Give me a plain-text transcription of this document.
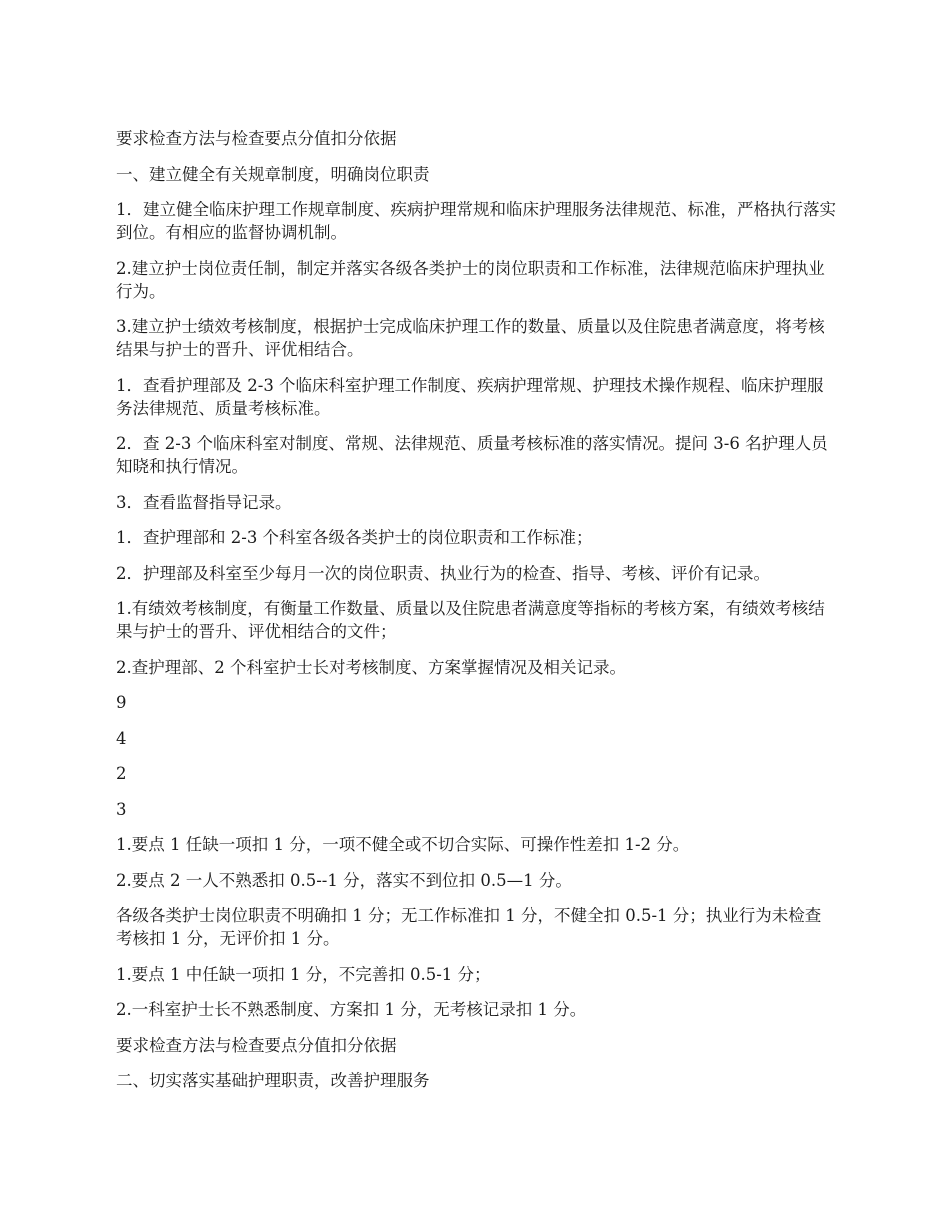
要求检查方法与检查要点分值扣分依据

一、建立健全有关规章制度，明确岗位职责

1．建立健全临床护理工作规章制度、疾病护理常规和临床护理服务法律规范、标准，严格执行落实到位。有相应的监督协调机制。

2.建立护士岗位责任制，制定并落实各级各类护士的岗位职责和工作标准，法律规范临床护理执业行为。

3.建立护士绩效考核制度，根据护士完成临床护理工作的数量、质量以及住院患者满意度，将考核结果与护士的晋升、评优相结合。

1．查看护理部及 2-3 个临床科室护理工作制度、疾病护理常规、护理技术操作规程、临床护理服务法律规范、质量考核标准。

2．查 2-3 个临床科室对制度、常规、法律规范、质量考核标准的落实情况。提问 3-6 名护理人员知晓和执行情况。

3．查看监督指导记录。

1．查护理部和 2-3 个科室各级各类护士的岗位职责和工作标准；

2．护理部及科室至少每月一次的岗位职责、执业行为的检查、指导、考核、评价有记录。

1.有绩效考核制度，有衡量工作数量、质量以及住院患者满意度等指标的考核方案，有绩效考核结果与护士的晋升、评优相结合的文件；

2.查护理部、2 个科室护士长对考核制度、方案掌握情况及相关记录。

9

4

2

3

1.要点 1 任缺一项扣 1 分，一项不健全或不切合实际、可操作性差扣 1-2 分。

2.要点 2 一人不熟悉扣 0.5--1 分，落实不到位扣 0.5—1 分。

各级各类护士岗位职责不明确扣 1 分；无工作标准扣 1 分，不健全扣 0.5-1 分；执业行为未检查考核扣 1 分，无评价扣 1 分。

1.要点 1 中任缺一项扣 1 分，不完善扣 0.5-1 分；

2.一科室护士长不熟悉制度、方案扣 1 分，无考核记录扣 1 分。

要求检查方法与检查要点分值扣分依据

二、切实落实基础护理职责，改善护理服务
